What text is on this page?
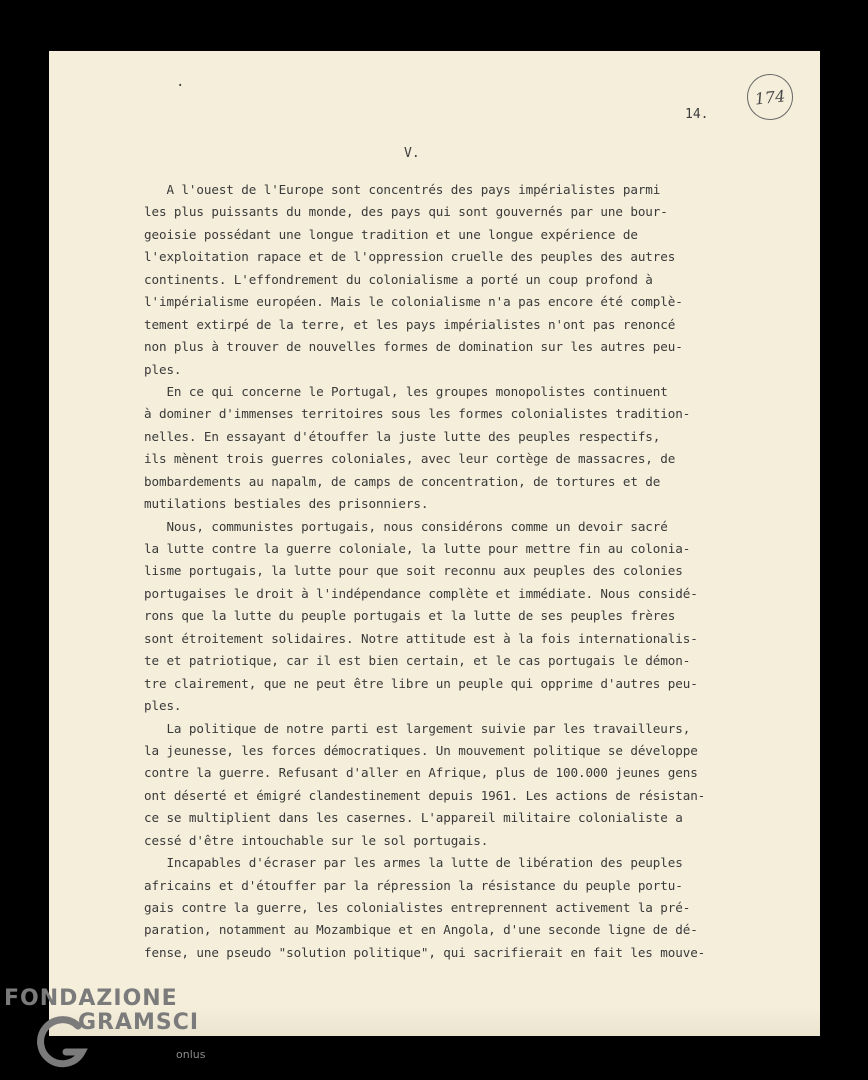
·	174
14.
V.
A l'ouest de l'Europe sont concentrés des pays impérialistes parmi
les plus puissants du monde, des pays qui sont gouvernés par une bour-
geoisie possédant une longue tradition et une longue expérience de
l'exploitation rapace et de l'oppression cruelle des peuples des autres
continents. L'effondrement du colonialisme a porté un coup profond à
l'impérialisme européen. Mais le colonialisme n'a pas encore été complè-
tement extirpé de la terre, et les pays impérialistes n'ont pas renoncé
non plus à trouver de nouvelles formes de domination sur les autres peu-
ples.
En ce qui concerne le Portugal, les groupes monopolistes continuent
à dominer d'immenses territoires sous les formes colonialistes tradition-
nelles. En essayant d'étouffer la juste lutte des peuples respectifs,
ils mènent trois guerres coloniales, avec leur cortège de massacres, de
bombardements au napalm, de camps de concentration, de tortures et de
mutilations bestiales des prisonniers.
Nous, communistes portugais, nous considérons comme un devoir sacré
la lutte contre la guerre coloniale, la lutte pour mettre fin au colonia-
lisme portugais, la lutte pour que soit reconnu aux peuples des colonies
portugaises le droit à l'indépendance complète et immédiate. Nous considé-
rons que la lutte du peuple portugais et la lutte de ses peuples frères
sont étroitement solidaires. Notre attitude est à la fois internationalis-
te et patriotique, car il est bien certain, et le cas portugais le démon-
tre clairement, que ne peut être libre un peuple qui opprime d'autres peu-
ples.
La politique de notre parti est largement suivie par les travailleurs,
la jeunesse, les forces démocratiques. Un mouvement politique se développe
contre la guerre. Refusant d'aller en Afrique, plus de 100.000 jeunes gens
ont déserté et émigré clandestinement depuis 1961. Les actions de résistan-
ce se multiplient dans les casernes. L'appareil militaire colonialiste a
cessé d'être intouchable sur le sol portugais.
Incapables d'écraser par les armes la lutte de libération des peuples
africains et d'étouffer par la répression la résistance du peuple portu-
gais contre la guerre, les colonialistes entreprennent activement la pré-
paration, notamment au Mozambique et en Angola, d'une seconde ligne de dé-
fense, une pseudo "solution politique", qui sacrifierait en fait les mouve-
FONDAZIONE
GRAMSCI
onlus
